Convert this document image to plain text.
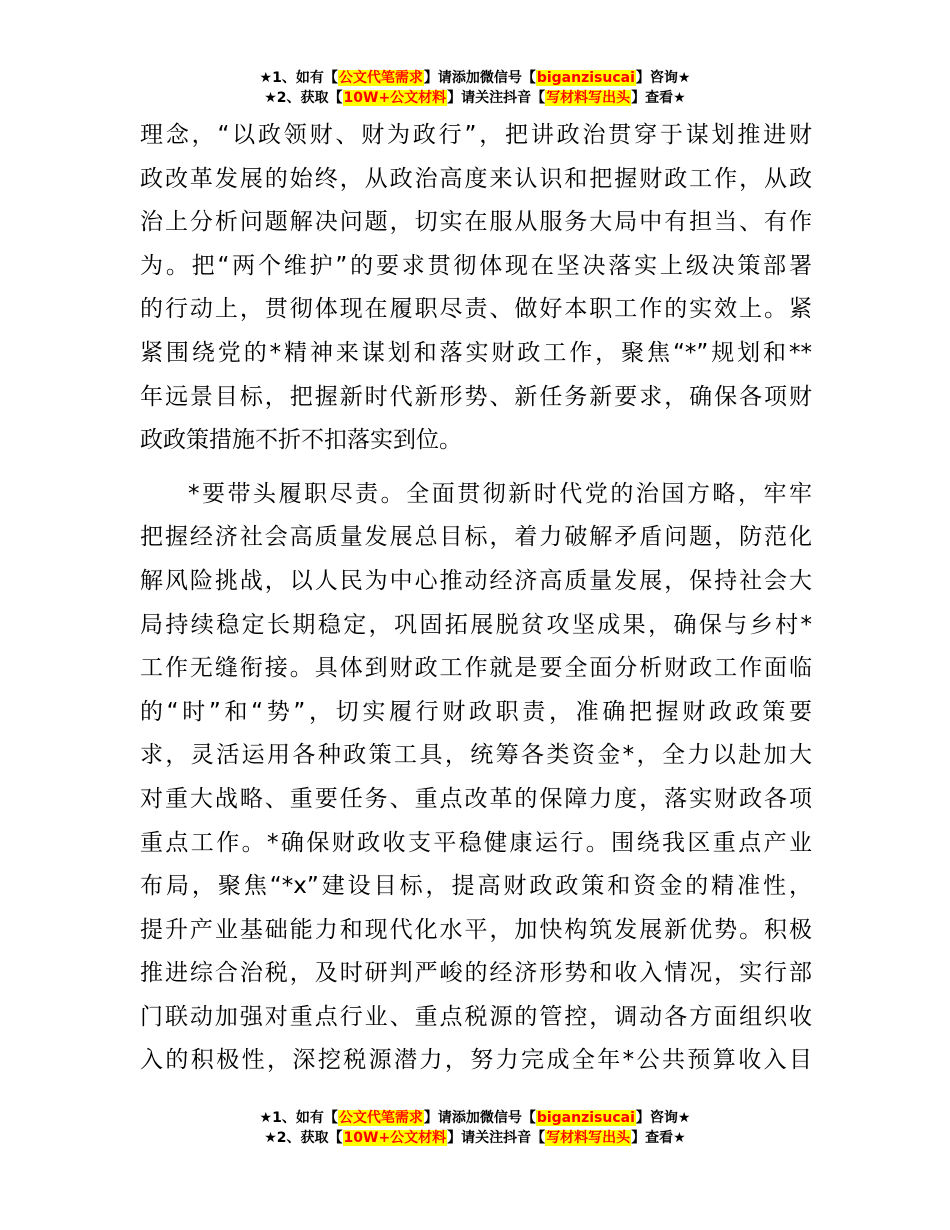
★1、如有【公文代笔需求】请添加微信号【biganzisucai】咨询★
★2、获取【10W+公文材料】请关注抖音【写材料写出头】查看★
理念，“以政领财、财为政行”，把讲政治贯穿于谋划推进财
政改革发展的始终，从政治高度来认识和把握财政工作，从政
治上分析问题解决问题，切实在服从服务大局中有担当、有作
为。把“两个维护”的要求贯彻体现在坚决落实上级决策部署
的行动上，贯彻体现在履职尽责、做好本职工作的实效上。紧
紧围绕党的*精神来谋划和落实财政工作，聚焦“*”规划和**
年远景目标，把握新时代新形势、新任务新要求，确保各项财
政政策措施不折不扣落实到位。
*要带头履职尽责。全面贯彻新时代党的治国方略，牢牢
把握经济社会高质量发展总目标，着力破解矛盾问题，防范化
解风险挑战，以人民为中心推动经济高质量发展，保持社会大
局持续稳定长期稳定，巩固拓展脱贫攻坚成果，确保与乡村*
工作无缝衔接。具体到财政工作就是要全面分析财政工作面临
的“时”和“势”，切实履行财政职责，准确把握财政政策要
求，灵活运用各种政策工具，统筹各类资金*，全力以赴加大
对重大战略、重要任务、重点改革的保障力度，落实财政各项
重点工作。*确保财政收支平稳健康运行。围绕我区重点产业
布局，聚焦“*x”建设目标，提高财政政策和资金的精准性，
提升产业基础能力和现代化水平，加快构筑发展新优势。积极
推进综合治税，及时研判严峻的经济形势和收入情况，实行部
门联动加强对重点行业、重点税源的管控，调动各方面组织收
入的积极性，深挖税源潜力，努力完成全年*公共预算收入目
★1、如有【公文代笔需求】请添加微信号【biganzisucai】咨询★
★2、获取【10W+公文材料】请关注抖音【写材料写出头】查看★
